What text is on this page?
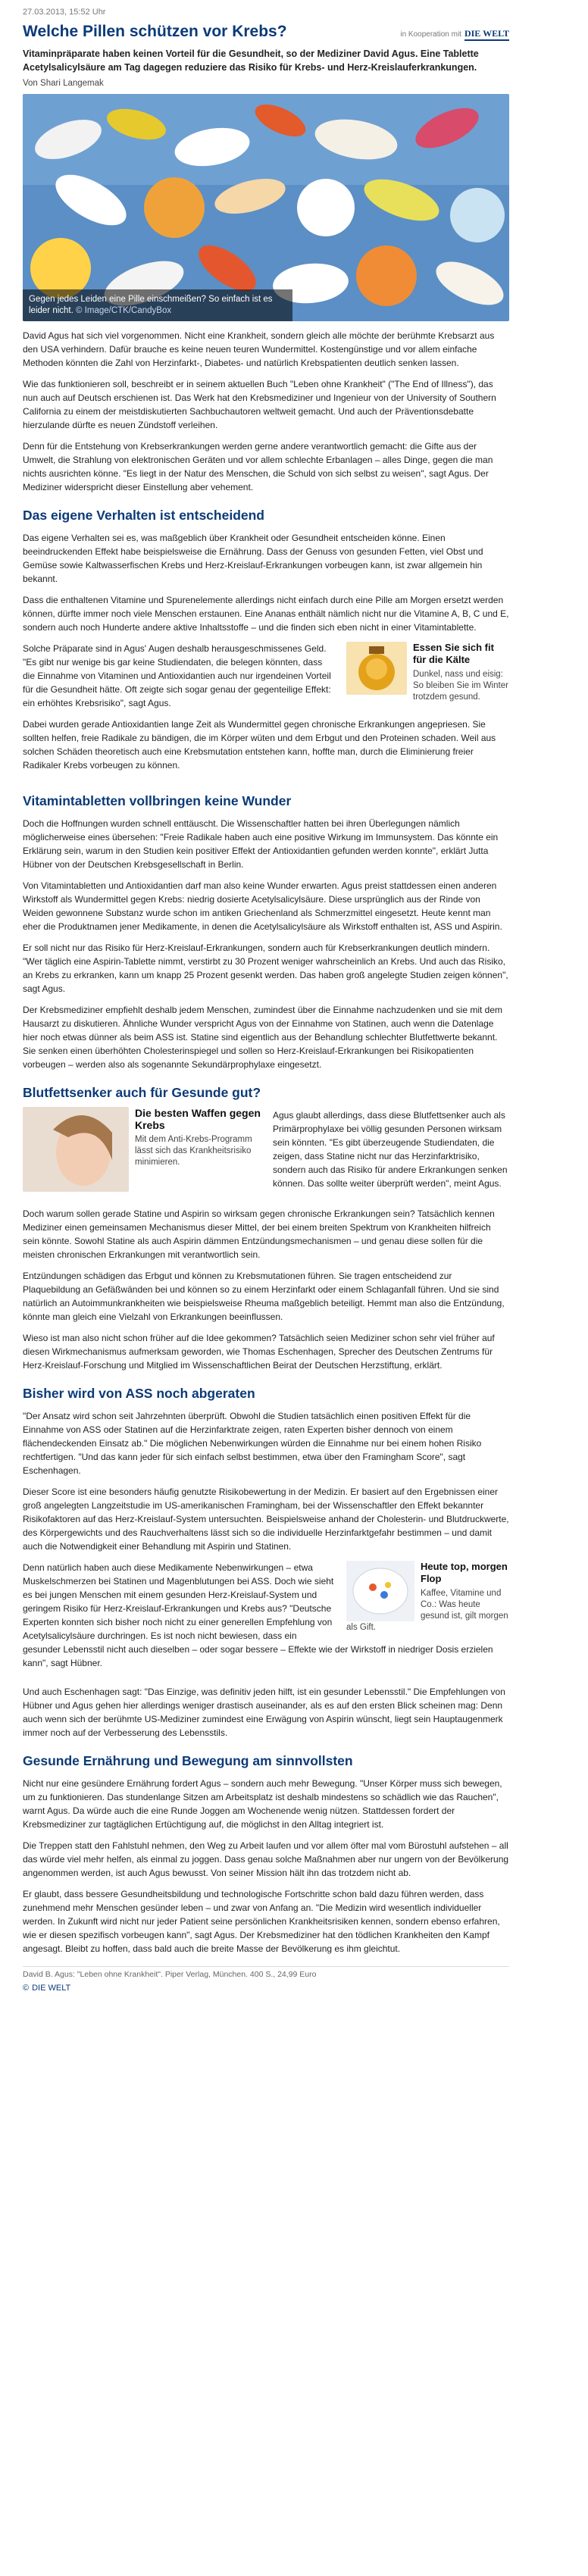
27.03.2013, 15:52 Uhr
Welche Pillen schützen vor Krebs?	in Kooperation mit DIE WELT
Vitaminpräparate haben keinen Vorteil für die Gesundheit, so der Mediziner David Agus. Eine Tablette Acetylsalicylsäure am Tag dagegen reduziere das Risiko für Krebs- und Herz-Kreislauferkrankungen.
Von Shari Langemak
Gegen jedes Leiden eine Pille einschmeißen? So einfach ist es leider nicht. © Image/CTK/CandyBox

David Agus hat sich viel vorgenommen. Nicht eine Krankheit, sondern gleich alle möchte der berühmte Krebsarzt aus den USA verhindern. Dafür brauche es keine neuen teuren Wundermittel. Kostengünstige und vor allem einfache Methoden könnten die Zahl von Herzinfarkt-, Diabetes- und natürlich Krebspatienten deutlich senken lassen.

Wie das funktionieren soll, beschreibt er in seinem aktuellen Buch "Leben ohne Krankheit" ("The End of Illness"), das nun auch auf Deutsch erschienen ist. Das Werk hat den Krebsmediziner und Ingenieur von der University of Southern California zu einem der meistdiskutierten Sachbuchautoren weltweit gemacht. Und auch der Präventionsdebatte hierzulande dürfte es neuen Zündstoff verleihen.

Denn für die Entstehung von Krebserkrankungen werden gerne andere verantwortlich gemacht: die Gifte aus der Umwelt, die Strahlung von elektronischen Geräten und vor allem schlechte Erbanlagen – alles Dinge, gegen die man nichts ausrichten könne. "Es liegt in der Natur des Menschen, die Schuld von sich selbst zu weisen", sagt Agus. Der Mediziner widerspricht dieser Einstellung aber vehement.

Das eigene Verhalten ist entscheidend

Das eigene Verhalten sei es, was maßgeblich über Krankheit oder Gesundheit entscheiden könne. Einen beeindruckenden Effekt habe beispielsweise die Ernährung. Dass der Genuss von gesunden Fetten, viel Obst und Gemüse sowie Kaltwasserfischen Krebs und Herz-Kreislauf-Erkrankungen vorbeugen kann, ist zwar allgemein hin bekannt.

Dass die enthaltenen Vitamine und Spurenelemente allerdings nicht einfach durch eine Pille am Morgen ersetzt werden können, dürfte immer noch viele Menschen erstaunen. Eine Ananas enthält nämlich nicht nur die Vitamine A, B, C und E, sondern auch noch Hunderte andere aktive Inhaltsstoffe – und die finden sich eben nicht in einer Vitamintablette.

Essen Sie sich fit für die Kälte
Dunkel, nass und eisig: So bleiben Sie im Winter trotzdem gesund.

Solche Präparate sind in Agus' Augen deshalb herausgeschmissenes Geld. "Es gibt nur wenige bis gar keine Studiendaten, die belegen könnten, dass die Einnahme von Vitaminen und Antioxidantien auch nur irgendeinen Vorteil für die Gesundheit hätte. Oft zeigte sich sogar genau der gegenteilige Effekt: ein erhöhtes Krebsrisiko", sagt Agus.

Dabei wurden gerade Antioxidantien lange Zeit als Wundermittel gegen chronische Erkrankungen angepriesen. Sie sollten helfen, freie Radikale zu bändigen, die im Körper wüten und dem Erbgut und den Proteinen schaden. Weil aus solchen Schäden theoretisch auch eine Krebsmutation entstehen kann, hoffte man, durch die Eliminierung freier Radikaler Krebs vorbeugen zu können.

Vitamintabletten vollbringen keine Wunder

Doch die Hoffnungen wurden schnell enttäuscht. Die Wissenschaftler hatten bei ihren Überlegungen nämlich möglicherweise eines übersehen: "Freie Radikale haben auch eine positive Wirkung im Immunsystem. Das könnte ein Erklärung sein, warum in den Studien kein positiver Effekt der Antioxidantien gefunden werden konnte", erklärt Jutta Hübner von der Deutschen Krebsgesellschaft in Berlin.

Von Vitamintabletten und Antioxidantien darf man also keine Wunder erwarten. Agus preist stattdessen einen anderen Wirkstoff als Wundermittel gegen Krebs: niedrig dosierte Acetylsalicylsäure. Diese ursprünglich aus der Rinde von Weiden gewonnene Substanz wurde schon im antiken Griechenland als Schmerzmittel eingesetzt. Heute kennt man eher die Produktnamen jener Medikamente, in denen die Acetylsalicylsäure als Wirkstoff enthalten ist, ASS und Aspirin.

Er soll nicht nur das Risiko für Herz-Kreislauf-Erkrankungen, sondern auch für Krebserkrankungen deutlich mindern. "Wer täglich eine Aspirin-Tablette nimmt, verstirbt zu 30 Prozent weniger wahrscheinlich an Krebs. Und auch das Risiko, an Krebs zu erkranken, kann um knapp 25 Prozent gesenkt werden. Das haben groß angelegte Studien zeigen können", sagt Agus.

Der Krebsmediziner empfiehlt deshalb jedem Menschen, zumindest über die Einnahme nachzudenken und sie mit dem Hausarzt zu diskutieren. Ähnliche Wunder verspricht Agus von der Einnahme von Statinen, auch wenn die Datenlage hier noch etwas dünner als beim ASS ist. Statine sind eigentlich aus der Behandlung schlechter Blutfettwerte bekannt. Sie senken einen überhöhten Cholesterinspiegel und sollen so Herz-Kreislauf-Erkrankungen bei Risikopatienten vorbeugen – werden also als sogenannte Sekundärprophylaxe eingesetzt.

Blutfettsenker auch für Gesunde gut?
Die besten Waffen gegen Krebs
Mit dem Anti-Krebs-Programm lässt sich das Krankheitsrisiko minimieren.

Agus glaubt allerdings, dass diese Blutfettsenker auch als Primärprophylaxe bei völlig gesunden Personen wirksam sein könnten. "Es gibt überzeugende Studiendaten, die zeigen, dass Statine nicht nur das Herzinfarktrisiko, sondern auch das Risiko für andere Erkrankungen senken können. Das sollte weiter überprüft werden", meint Agus.

Doch warum sollen gerade Statine und Aspirin so wirksam gegen chronische Erkrankungen sein? Tatsächlich kennen Mediziner einen gemeinsamen Mechanismus dieser Mittel, der bei einem breiten Spektrum von Krankheiten hilfreich sein könnte. Sowohl Statine als auch Aspirin dämmen Entzündungsmechanismen – und genau diese sollen für die meisten chronischen Erkrankungen mit verantwortlich sein.

Entzündungen schädigen das Erbgut und können zu Krebsmutationen führen. Sie tragen entscheidend zur Plaquebildung an Gefäßwänden bei und können so zu einem Herzinfarkt oder einem Schlaganfall führen. Und sie sind natürlich an Autoimmunkrankheiten wie beispielsweise Rheuma maßgeblich beteiligt. Hemmt man also die Entzündung, könnte man gleich eine Vielzahl von Erkrankungen beeinflussen.

Wieso ist man also nicht schon früher auf die Idee gekommen? Tatsächlich seien Mediziner schon sehr viel früher auf diesen Wirkmechanismus aufmerksam geworden, wie Thomas Eschenhagen, Sprecher des Deutschen Zentrums für Herz-Kreislauf-Forschung und Mitglied im Wissenschaftlichen Beirat der Deutschen Herzstiftung, erklärt.

Bisher wird von ASS noch abgeraten

"Der Ansatz wird schon seit Jahrzehnten überprüft. Obwohl die Studien tatsächlich einen positiven Effekt für die Einnahme von ASS oder Statinen auf die Herzinfarktrate zeigen, raten Experten bisher dennoch von einem flächendeckenden Einsatz ab." Die möglichen Nebenwirkungen würden die Einnahme nur bei einem hohen Risiko rechtfertigen. "Und das kann jeder für sich einfach selbst bestimmen, etwa über den Framingham Score", sagt Eschenhagen.

Dieser Score ist eine besonders häufig genutzte Risikobewertung in der Medizin. Er basiert auf den Ergebnissen einer groß angelegten Langzeitstudie im US-amerikanischen Framingham, bei der Wissenschaftler den Effekt bekannter Risikofaktoren auf das Herz-Kreislauf-System untersuchten. Beispielsweise anhand der Cholesterin- und Blutdruckwerte, des Körpergewichts und des Rauchverhaltens lässt sich so die individuelle Herzinfarktgefahr bestimmen – und damit auch die Notwendigkeit einer Behandlung mit Aspirin und Statinen.

Heute top, morgen Flop
Kaffee, Vitamine und Co.: Was heute gesund ist, gilt morgen als Gift.

Denn natürlich haben auch diese Medikamente Nebenwirkungen – etwa Muskelschmerzen bei Statinen und Magenblutungen bei ASS. Doch wie sieht es bei jungen Menschen mit einem gesunden Herz-Kreislauf-System und geringem Risiko für Herz-Kreislauf-Erkrankungen und Krebs aus? "Deutsche Experten konnten sich bisher noch nicht zu einer generellen Empfehlung von Acetylsalicylsäure durchringen. Es ist noch nicht bewiesen, dass ein gesunder Lebensstil nicht auch dieselben – oder sogar bessere – Effekte wie der Wirkstoff in niedriger Dosis erzielen kann", sagt Hübner.

Und auch Eschenhagen sagt: "Das Einzige, was definitiv jeden hilft, ist ein gesunder Lebensstil." Die Empfehlungen von Hübner und Agus gehen hier allerdings weniger drastisch auseinander, als es auf den ersten Blick scheinen mag: Denn auch wenn sich der berühmte US-Mediziner zumindest eine Erwägung von Aspirin wünscht, liegt sein Hauptaugenmerk immer noch auf der Verbesserung des Lebensstils.

Gesunde Ernährung und Bewegung am sinnvollsten

Nicht nur eine gesündere Ernährung fordert Agus – sondern auch mehr Bewegung. "Unser Körper muss sich bewegen, um zu funktionieren. Das stundenlange Sitzen am Arbeitsplatz ist deshalb mindestens so schädlich wie das Rauchen", warnt Agus. Da würde auch die eine Runde Joggen am Wochenende wenig nützen. Stattdessen fordert der Krebsmediziner zur tagtäglichen Ertüchtigung auf, die möglichst in den Alltag integriert ist.

Die Treppen statt den Fahlstuhl nehmen, den Weg zu Arbeit laufen und vor allem öfter mal vom Bürostuhl aufstehen – all das würde viel mehr helfen, als einmal zu joggen. Dass genau solche Maßnahmen aber nur ungern von der Bevölkerung angenommen werden, ist auch Agus bewusst. Von seiner Mission hält ihn das trotzdem nicht ab.

Er glaubt, dass bessere Gesundheitsbildung und technologische Fortschritte schon bald dazu führen werden, dass zunehmend mehr Menschen gesünder leben – und zwar von Anfang an. "Die Medizin wird wesentlich individueller werden. In Zukunft wird nicht nur jeder Patient seine persönlichen Krankheitsrisiken kennen, sondern ebenso erfahren, wie er diesen spezifisch vorbeugen kann", sagt Agus. Der Krebsmediziner hat den tödlichen Krankheiten den Kampf angesagt. Bleibt zu hoffen, dass bald auch die breite Masse der Bevölkerung es ihm gleichtut.

David B. Agus: "Leben ohne Krankheit". Piper Verlag, München. 400 S., 24,99 Euro
© DIE WELT
